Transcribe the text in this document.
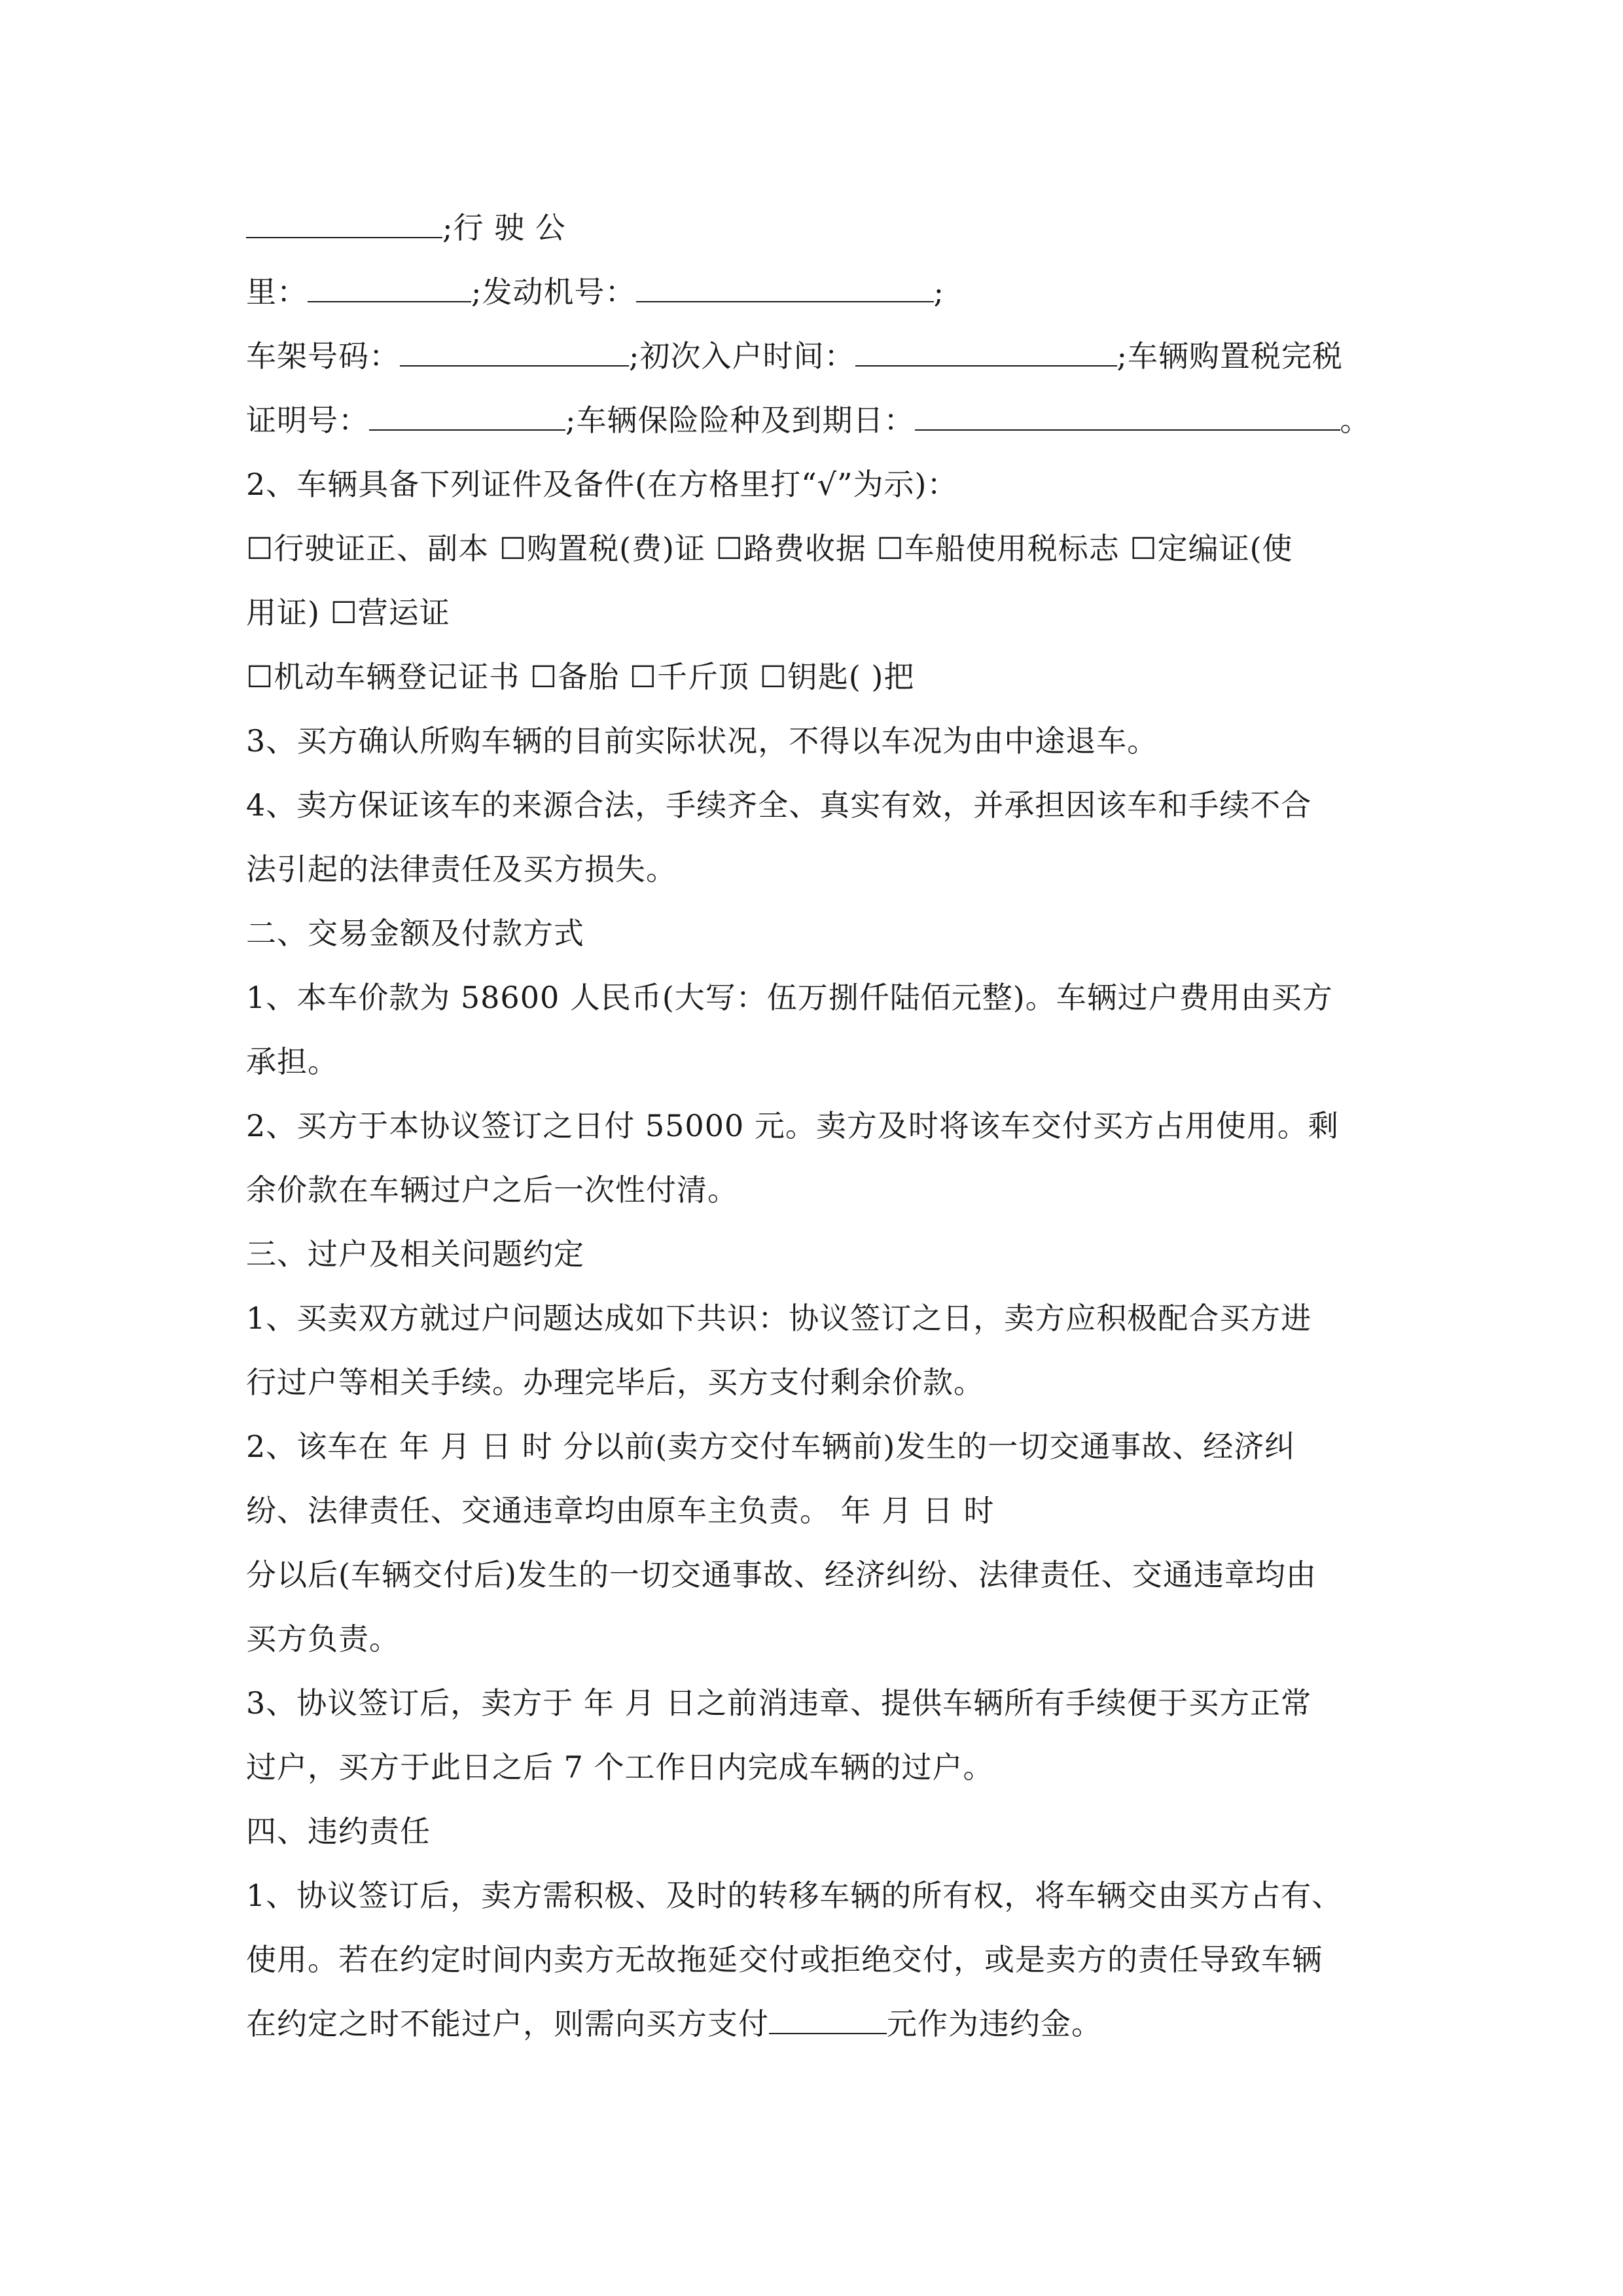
;行 驶 公
里：	;发动机号：	;
车架号码：	;初次入户时间：	;车辆购置税完税
证明号：	;车辆保险险种及到期日：	。
2、车辆具备下列证件及备件(在方格里打“√”为示)：
☐行驶证正、副本 ☐购置税(费)证 ☐路费收据 ☐车船使用税标志 ☐定编证(使
用证) ☐营运证
☐机动车辆登记证书 ☐备胎 ☐千斤顶 ☐钥匙( )把
3、买方确认所购车辆的目前实际状况，不得以车况为由中途退车。
4、卖方保证该车的来源合法，手续齐全、真实有效，并承担因该车和手续不合
法引起的法律责任及买方损失。
二、交易金额及付款方式
1、本车价款为 58600 人民币(大写：伍万捌仟陆佰元整)。车辆过户费用由买方
承担。
2、买方于本协议签订之日付 55000 元。卖方及时将该车交付买方占用使用。剩
余价款在车辆过户之后一次性付清。
三、过户及相关问题约定
1、买卖双方就过户问题达成如下共识：协议签订之日，卖方应积极配合买方进
行过户等相关手续。办理完毕后，买方支付剩余价款。
2、该车在 年 月 日 时 分以前(卖方交付车辆前)发生的一切交通事故、经济纠
纷、法律责任、交通违章均由原车主负责。 年 月 日 时
分以后(车辆交付后)发生的一切交通事故、经济纠纷、法律责任、交通违章均由
买方负责。
3、协议签订后，卖方于 年 月 日之前消违章、提供车辆所有手续便于买方正常
过户，买方于此日之后 7 个工作日内完成车辆的过户。
四、违约责任
1、协议签订后，卖方需积极、及时的转移车辆的所有权，将车辆交由买方占有、
使用。若在约定时间内卖方无故拖延交付或拒绝交付，或是卖方的责任导致车辆
在约定之时不能过户，则需向买方支付	元作为违约金。
